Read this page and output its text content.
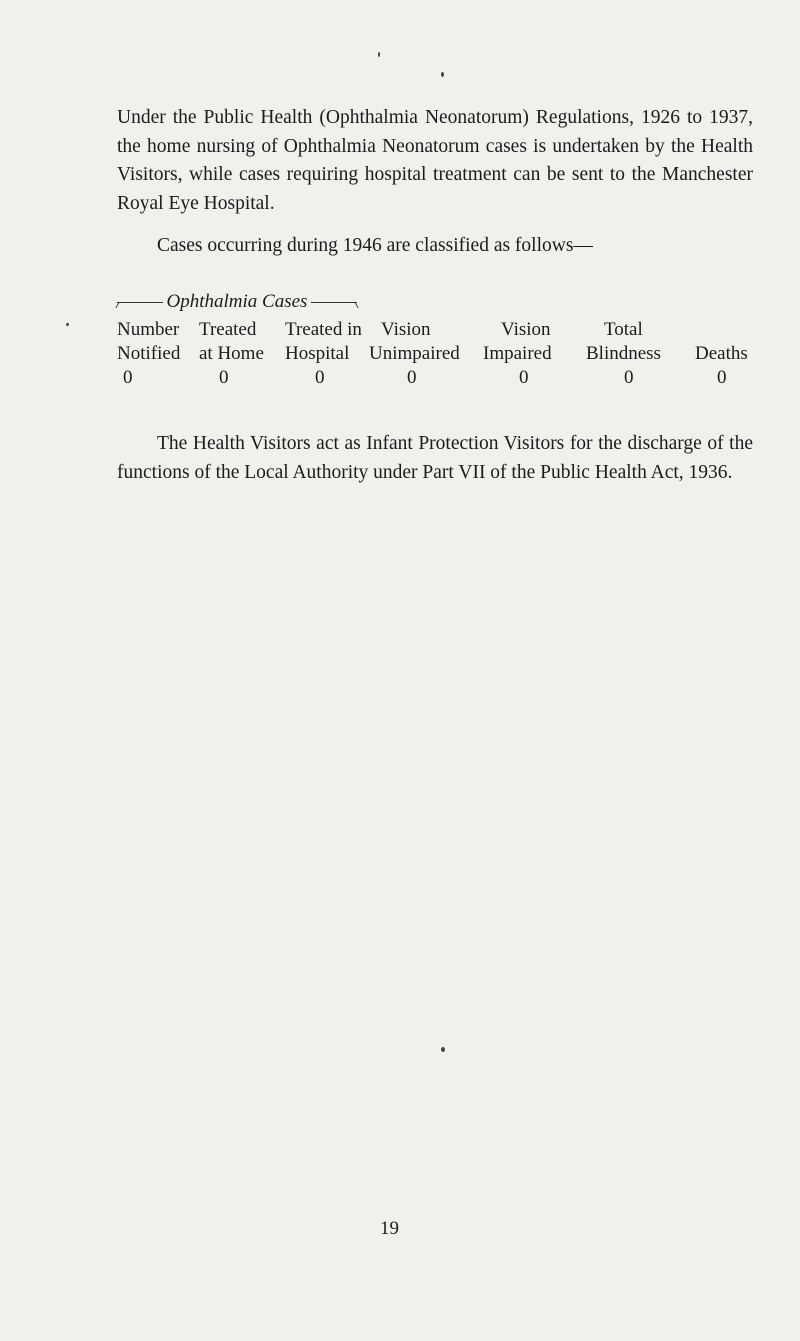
Under the Public Health (Ophthalmia Neonatorum) Regulations, 1926 to 1937, the home nursing of Ophthalmia Neonatorum cases is undertaken by the Health Visitors, while cases requiring hospital treatment can be sent to the Manchester Royal Eye Hospital.

Cases occurring during 1946 are classified as follows—

Ophthalmia Cases
Number
Notified
0
Treated
at Home
0
Treated in
Hospital
0
Vision
Unimpaired
0
Vision
Impaired
0
Total
Blindness
0

Deaths
0

The Health Visitors act as Infant Protection Visitors for the discharge of the functions of the Local Authority under Part VII of the Public Health Act, 1936.

19
